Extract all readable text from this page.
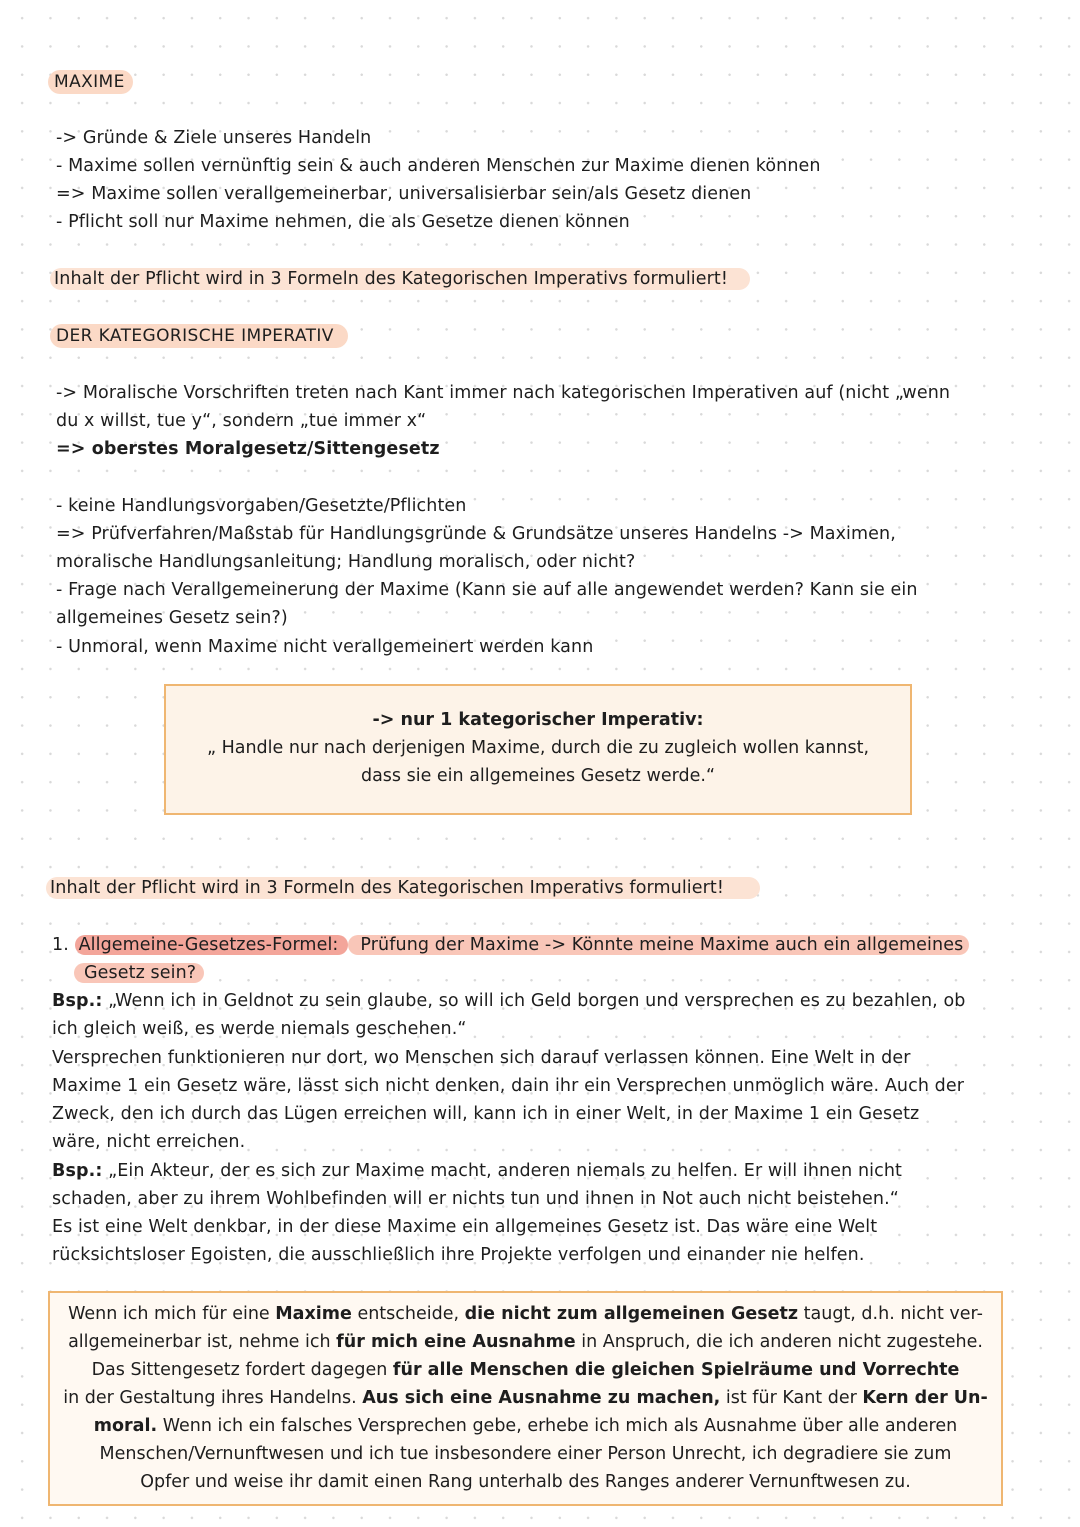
MAXIME
-> Gründe & Ziele unseres Handeln
- Maxime sollen vernünftig sein & auch anderen Menschen zur Maxime dienen können
=> Maxime sollen verallgemeinerbar, universalisierbar sein/als Gesetz dienen
- Pflicht soll nur Maxime nehmen, die als Gesetze dienen können
Inhalt der Pflicht wird in 3 Formeln des Kategorischen Imperativs formuliert!
DER KATEGORISCHE IMPERATIV
-> Moralische Vorschriften treten nach Kant immer nach kategorischen Imperativen auf (nicht „wenn
du x willst, tue y“, sondern „tue immer x“
=> oberstes Moralgesetz/Sittengesetz
- keine Handlungsvorgaben/Gesetzte/Pflichten
=> Prüfverfahren/Maßstab für Handlungsgründe & Grundsätze unseres Handelns -> Maximen,
moralische Handlungsanleitung; Handlung moralisch, oder nicht?
- Frage nach Verallgemeinerung der Maxime (Kann sie auf alle angewendet werden? Kann sie ein
allgemeines Gesetz sein?)
- Unmoral, wenn Maxime nicht verallgemeinert werden kann
-> nur 1 kategorischer Imperativ:
„ Handle nur nach derjenigen Maxime, durch die zu zugleich wollen kannst,
dass sie ein allgemeines Gesetz werde.“
Inhalt der Pflicht wird in 3 Formeln des Kategorischen Imperativs formuliert!
1. Allgemeine-Gesetzes-Formel: Prüfung der Maxime -> Könnte meine Maxime auch ein allgemeines
Gesetz sein?
Bsp.: „Wenn ich in Geldnot zu sein glaube, so will ich Geld borgen und versprechen es zu bezahlen, ob
ich gleich weiß, es werde niemals geschehen.“
Versprechen funktionieren nur dort, wo Menschen sich darauf verlassen können. Eine Welt in der
Maxime 1 ein Gesetz wäre, lässt sich nicht denken, dain ihr ein Versprechen unmöglich wäre. Auch der
Zweck, den ich durch das Lügen erreichen will, kann ich in einer Welt, in der Maxime 1 ein Gesetz
wäre, nicht erreichen.
Bsp.: „Ein Akteur, der es sich zur Maxime macht, anderen niemals zu helfen. Er will ihnen nicht
schaden, aber zu ihrem Wohlbefinden will er nichts tun und ihnen in Not auch nicht beistehen.“
Es ist eine Welt denkbar, in der diese Maxime ein allgemeines Gesetz ist. Das wäre eine Welt
rücksichtsloser Egoisten, die ausschließlich ihre Projekte verfolgen und einander nie helfen.
Wenn ich mich für eine Maxime entscheide, die nicht zum allgemeinen Gesetz taugt, d.h. nicht ver-
allgemeinerbar ist, nehme ich für mich eine Ausnahme in Anspruch, die ich anderen nicht zugestehe.
Das Sittengesetz fordert dagegen für alle Menschen die gleichen Spielräume und Vorrechte
in der Gestaltung ihres Handelns. Aus sich eine Ausnahme zu machen, ist für Kant der Kern der Un-
moral. Wenn ich ein falsches Versprechen gebe, erhebe ich mich als Ausnahme über alle anderen
Menschen/Vernunftwesen und ich tue insbesondere einer Person Unrecht, ich degradiere sie zum
Opfer und weise ihr damit einen Rang unterhalb des Ranges anderer Vernunftwesen zu.
